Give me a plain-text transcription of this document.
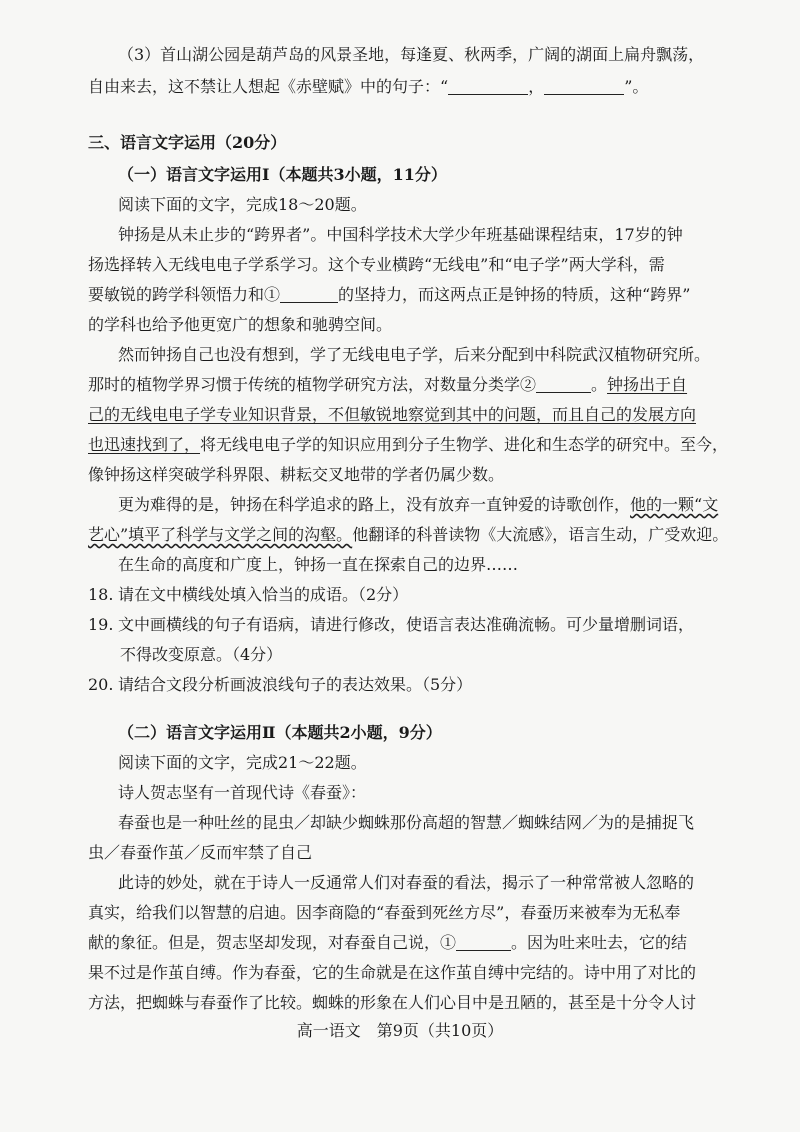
（3）首山湖公园是葫芦岛的风景圣地，每逢夏、秋两季，广阔的湖面上扁舟飘荡，
自由来去，这不禁让人想起《赤壁赋》中的句子：“	，	”。
三、语言文字运用（20分）
（一）语言文字运用Ⅰ（本题共3小题，11分）
阅读下面的文字，完成18～20题。
钟扬是从未止步的“跨界者”。中国科学技术大学少年班基础课程结束，17岁的钟
扬选择转入无线电电子学系学习。这个专业横跨“无线电”和“电子学”两大学科，需
要敏锐的跨学科领悟力和①	的坚持力，而这两点正是钟扬的特质，这种“跨界”
的学科也给予他更宽广的想象和驰骋空间。
然而钟扬自己也没有想到，学了无线电电子学，后来分配到中科院武汉植物研究所。
那时的植物学界习惯于传统的植物学研究方法，对数量分类学②	。钟扬出于自
己的无线电电子学专业知识背景，不但敏锐地察觉到其中的问题，而且自己的发展方向
也迅速找到了，将无线电电子学的知识应用到分子生物学、进化和生态学的研究中。至今，
像钟扬这样突破学科界限、耕耘交叉地带的学者仍属少数。
更为难得的是，钟扬在科学追求的路上，没有放弃一直钟爱的诗歌创作，他的一颗“文
艺心”填平了科学与文学之间的沟壑。他翻译的科普读物《大流感》，语言生动，广受欢迎。
在生命的高度和广度上，钟扬一直在探索自己的边界……
18. 请在文中横线处填入恰当的成语。（2分）
19. 文中画横线的句子有语病，请进行修改，使语言表达准确流畅。可少量增删词语，
不得改变原意。（4分）
20. 请结合文段分析画波浪线句子的表达效果。（5分）
（二）语言文字运用Ⅱ（本题共2小题，9分）
阅读下面的文字，完成21～22题。
诗人贺志坚有一首现代诗《春蚕》：
春蚕也是一种吐丝的昆虫／却缺少蜘蛛那份高超的智慧／蜘蛛结网／为的是捕捉飞
虫／春蚕作茧／反而牢禁了自己
此诗的妙处，就在于诗人一反通常人们对春蚕的看法，揭示了一种常常被人忽略的
真实，给我们以智慧的启迪。因李商隐的“春蚕到死丝方尽”，春蚕历来被奉为无私奉
献的象征。但是，贺志坚却发现，对春蚕自己说，①	。因为吐来吐去，它的结
果不过是作茧自缚。作为春蚕，它的生命就是在这作茧自缚中完结的。诗中用了对比的
方法，把蜘蛛与春蚕作了比较。蜘蛛的形象在人们心目中是丑陋的，甚至是十分令人讨
高一语文　第9页（共10页）
